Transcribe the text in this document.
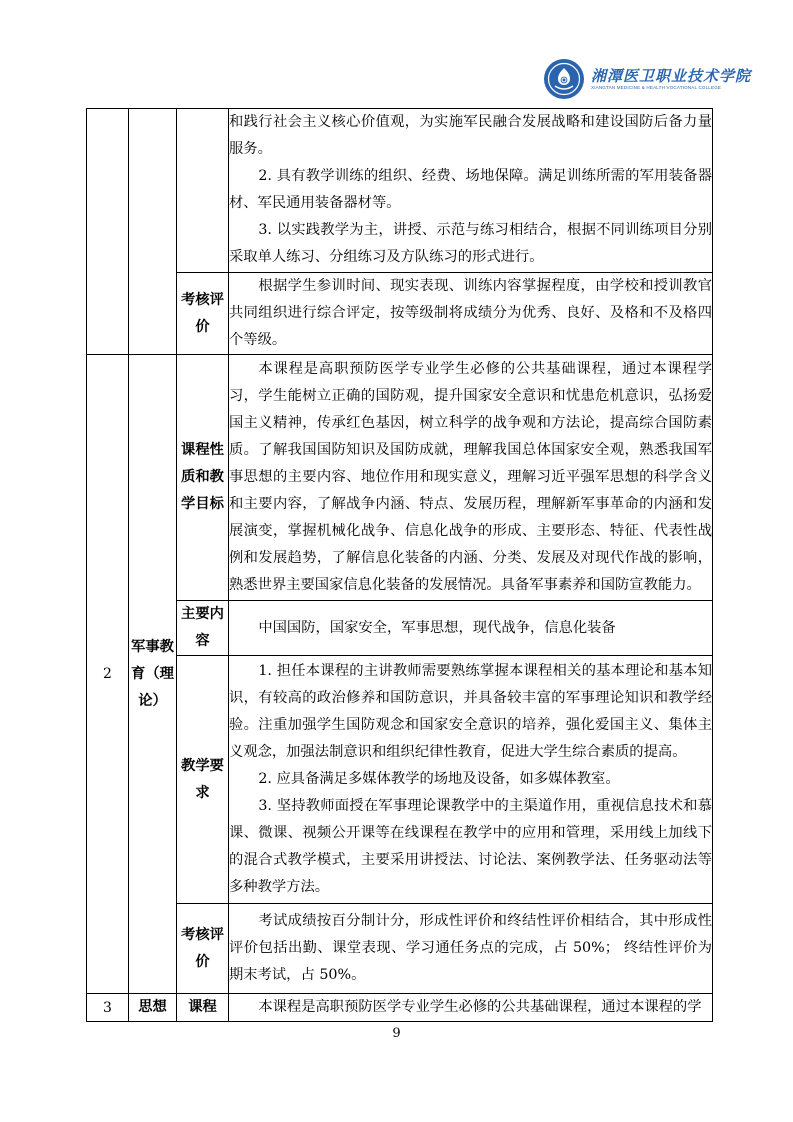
湘潭医卫职业技术学院
XIANGTAN MEDICINE & HEALTH VOCATIONAL COLLEGE

			和践行社会主义核心价值观，为实施军民融合发展战略和建设国防后备力量服务。

2. 具有教学训练的组织、经费、场地保障。满足训练所需的军用装备器材、军民通用装备器材等。

3. 以实践教学为主，讲授、示范与练习相结合，根据不同训练项目分别采取单人练习、分组练习及方队练习的形式进行。

		考核评价	根据学生参训时间、现实表现、训练内容掌握程度，由学校和授训教官共同组织进行综合评定，按等级制将成绩分为优秀、良好、及格和不及格四个等级。

2	军事教育（理论）	课程性质和教学目标	本课程是高职预防医学专业学生必修的公共基础课程，通过本课程学习，学生能树立正确的国防观，提升国家安全意识和忧患危机意识，弘扬爱国主义精神，传承红色基因，树立科学的战争观和方法论，提高综合国防素质。了解我国国防知识及国防成就，理解我国总体国家安全观，熟悉我国军事思想的主要内容、地位作用和现实意义，理解习近平强军思想的科学含义和主要内容，了解战争内涵、特点、发展历程，理解新军事革命的内涵和发展演变，掌握机械化战争、信息化战争的形成、主要形态、特征、代表性战例和发展趋势，了解信息化装备的内涵、分类、发展及对现代作战的影响，熟悉世界主要国家信息化装备的发展情况。具备军事素养和国防宣教能力。

		主要内容	中国国防，国家安全，军事思想，现代战争，信息化装备

		教学要求	1. 担任本课程的主讲教师需要熟练掌握本课程相关的基本理论和基本知识，有较高的政治修养和国防意识，并具备较丰富的军事理论知识和教学经验。注重加强学生国防观念和国家安全意识的培养，强化爱国主义、集体主义观念，加强法制意识和组织纪律性教育，促进大学生综合素质的提高。

2. 应具备满足多媒体教学的场地及设备，如多媒体教室。

3. 坚持教师面授在军事理论课教学中的主渠道作用，重视信息技术和慕课、微课、视频公开课等在线课程在教学中的应用和管理，采用线上加线下的混合式教学模式，主要采用讲授法、讨论法、案例教学法、任务驱动法等多种教学方法。

		考核评价	考试成绩按百分制计分，形成性评价和终结性评价相结合，其中形成性评价包括出勤、课堂表现、学习通任务点的完成，占 50%； 终结性评价为期末考试，占 50%。

3	思想	课程	本课程是高职预防医学专业学生必修的公共基础课程，通过本课程的学

9
